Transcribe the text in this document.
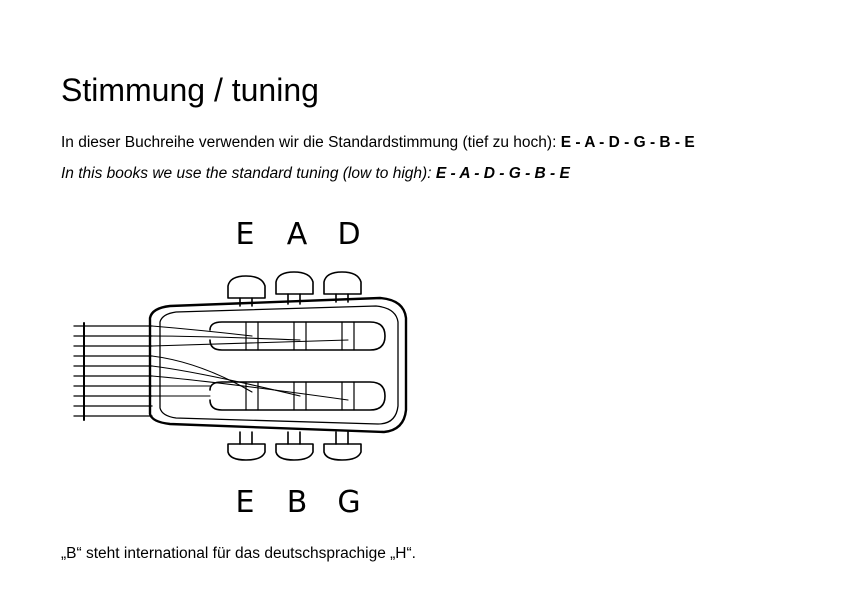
Stimmung / tuning
In dieser Buchreihe verwenden wir die Standardstimmung (tief zu hoch): E - A - D - G - B - E
In this books we use the standard tuning (low to high): E - A - D - G - B - E
E A D
E B G
„B“ steht international für das deutschsprachige „H“.
